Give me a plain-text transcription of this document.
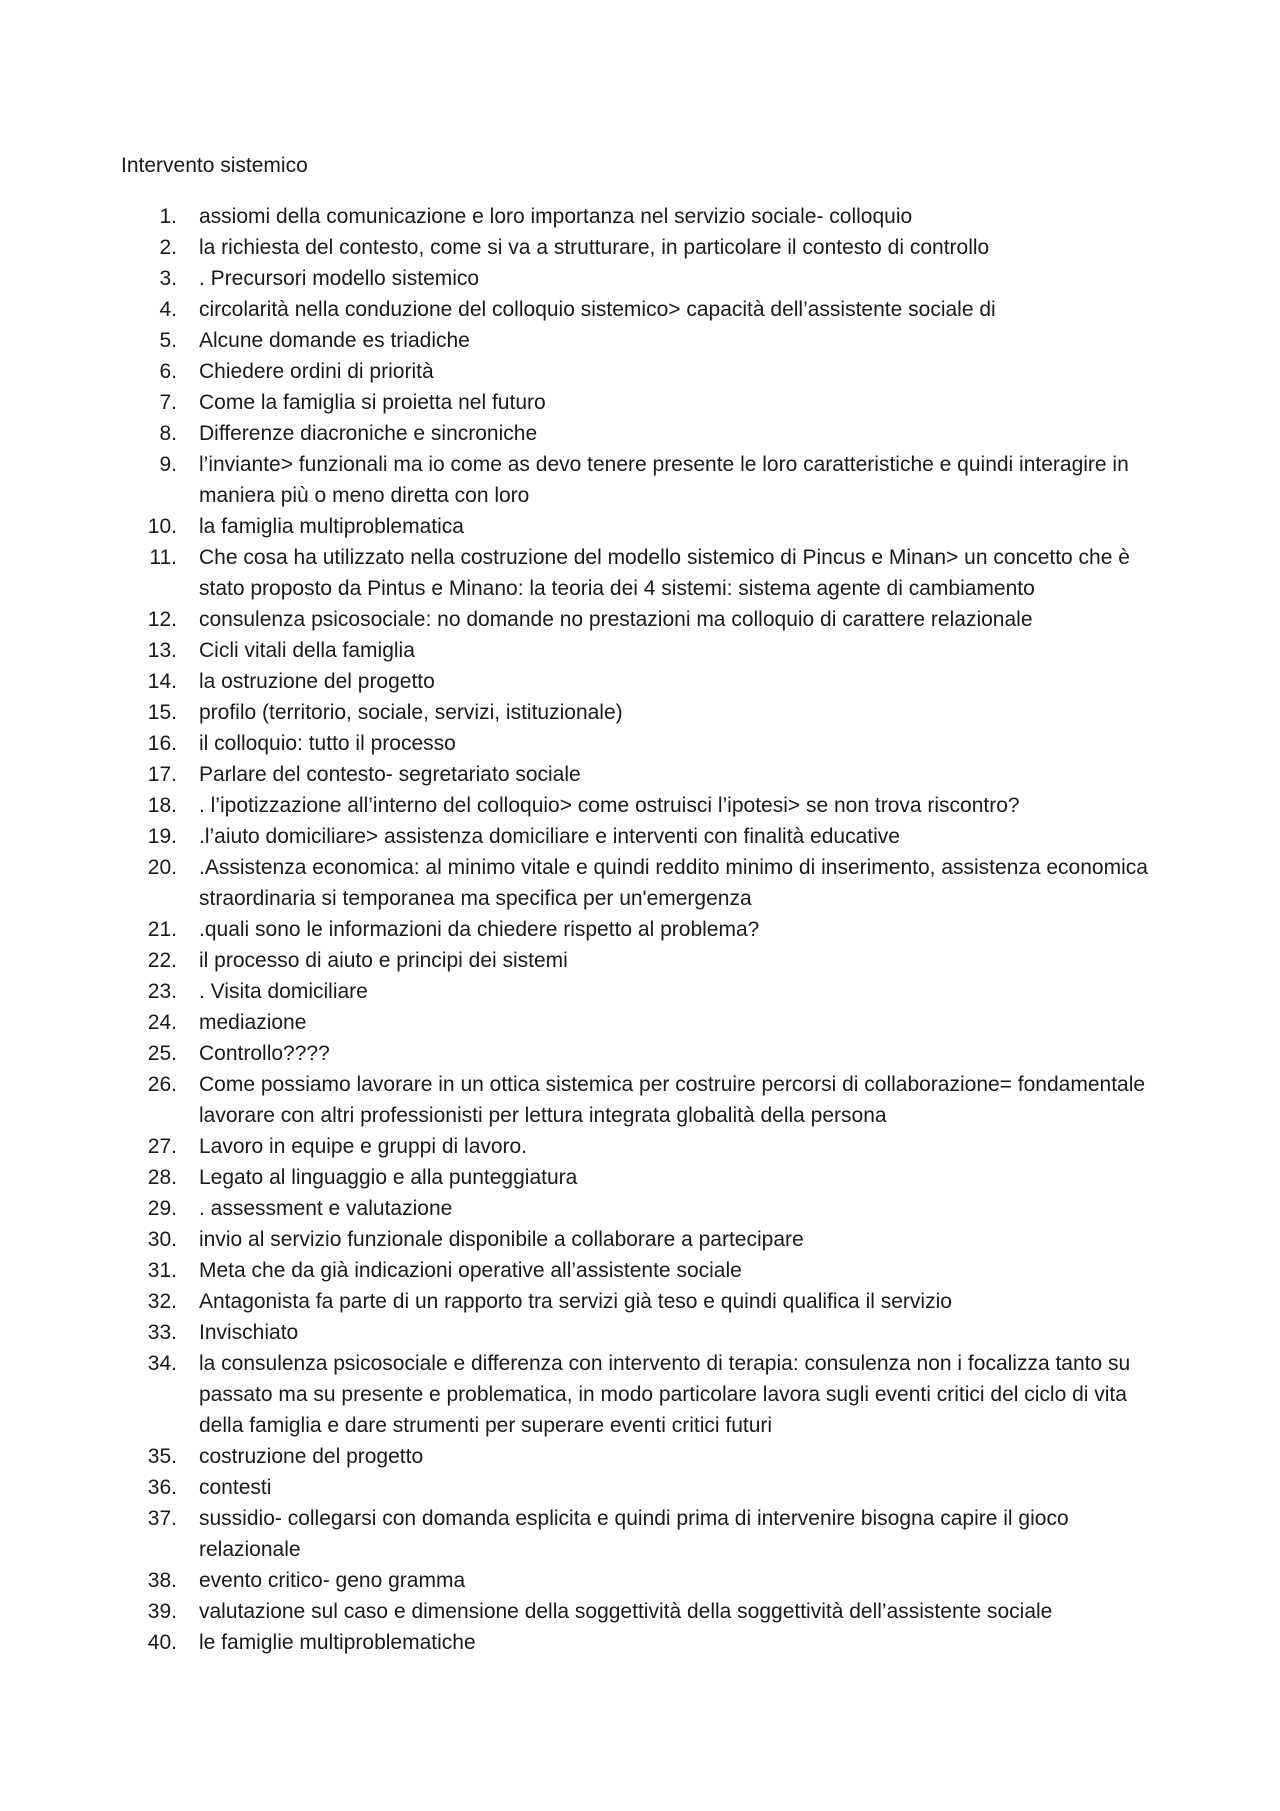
Intervento sistemico
1. assiomi della comunicazione e loro importanza nel servizio sociale- colloquio
2. la richiesta del contesto, come si va a strutturare, in particolare il contesto di controllo
3. . Precursori modello sistemico
4. circolarità nella conduzione del colloquio sistemico> capacità dell’assistente sociale di
5. Alcune domande es triadiche
6. Chiedere ordini di priorità
7. Come la famiglia si proietta nel futuro
8. Differenze diacroniche e sincroniche
9. l’inviante> funzionali ma io come as devo tenere presente le loro caratteristiche e quindi interagire in maniera più o meno diretta con loro
10. la famiglia multiproblematica
11. Che cosa ha utilizzato nella costruzione del modello sistemico di Pincus e Minan> un concetto che è stato proposto da Pintus e Minano: la teoria dei 4 sistemi: sistema agente di cambiamento
12. consulenza psicosociale: no domande no prestazioni ma colloquio di carattere relazionale
13. Cicli vitali della famiglia
14. la ostruzione del progetto
15. profilo (territorio, sociale, servizi, istituzionale)
16. il colloquio: tutto il processo
17. Parlare del contesto- segretariato sociale
18. . l’ipotizzazione all’interno del colloquio> come ostruisci l’ipotesi> se non trova riscontro?
19. .l’aiuto domiciliare> assistenza domiciliare e interventi con finalità educative
20. .Assistenza economica: al minimo vitale e quindi reddito minimo di inserimento, assistenza economica straordinaria si temporanea ma specifica per un'emergenza
21. .quali sono le informazioni da chiedere rispetto al problema?
22. il processo di aiuto e principi dei sistemi
23. . Visita domiciliare
24. mediazione
25. Controllo????
26. Come possiamo lavorare in un ottica sistemica per costruire percorsi di collaborazione= fondamentale lavorare con altri professionisti per lettura integrata globalità della persona
27. Lavoro in equipe e gruppi di lavoro.
28. Legato al linguaggio e alla punteggiatura
29. . assessment e valutazione
30. invio al servizio funzionale disponibile a collaborare a partecipare
31. Meta che da già indicazioni operative all’assistente sociale
32. Antagonista fa parte di un rapporto tra servizi già teso e quindi qualifica il servizio
33. Invischiato
34. la consulenza psicosociale e differenza con intervento di terapia: consulenza non i focalizza tanto su passato ma su presente e problematica, in modo particolare lavora sugli eventi critici del ciclo di vita della famiglia e dare strumenti per superare eventi critici futuri
35. costruzione del progetto
36. contesti
37. sussidio- collegarsi con domanda esplicita e quindi prima di intervenire bisogna capire il gioco relazionale
38. evento critico- geno gramma
39. valutazione sul caso e dimensione della soggettività della soggettività dell’assistente sociale
40. le famiglie multiproblematiche
